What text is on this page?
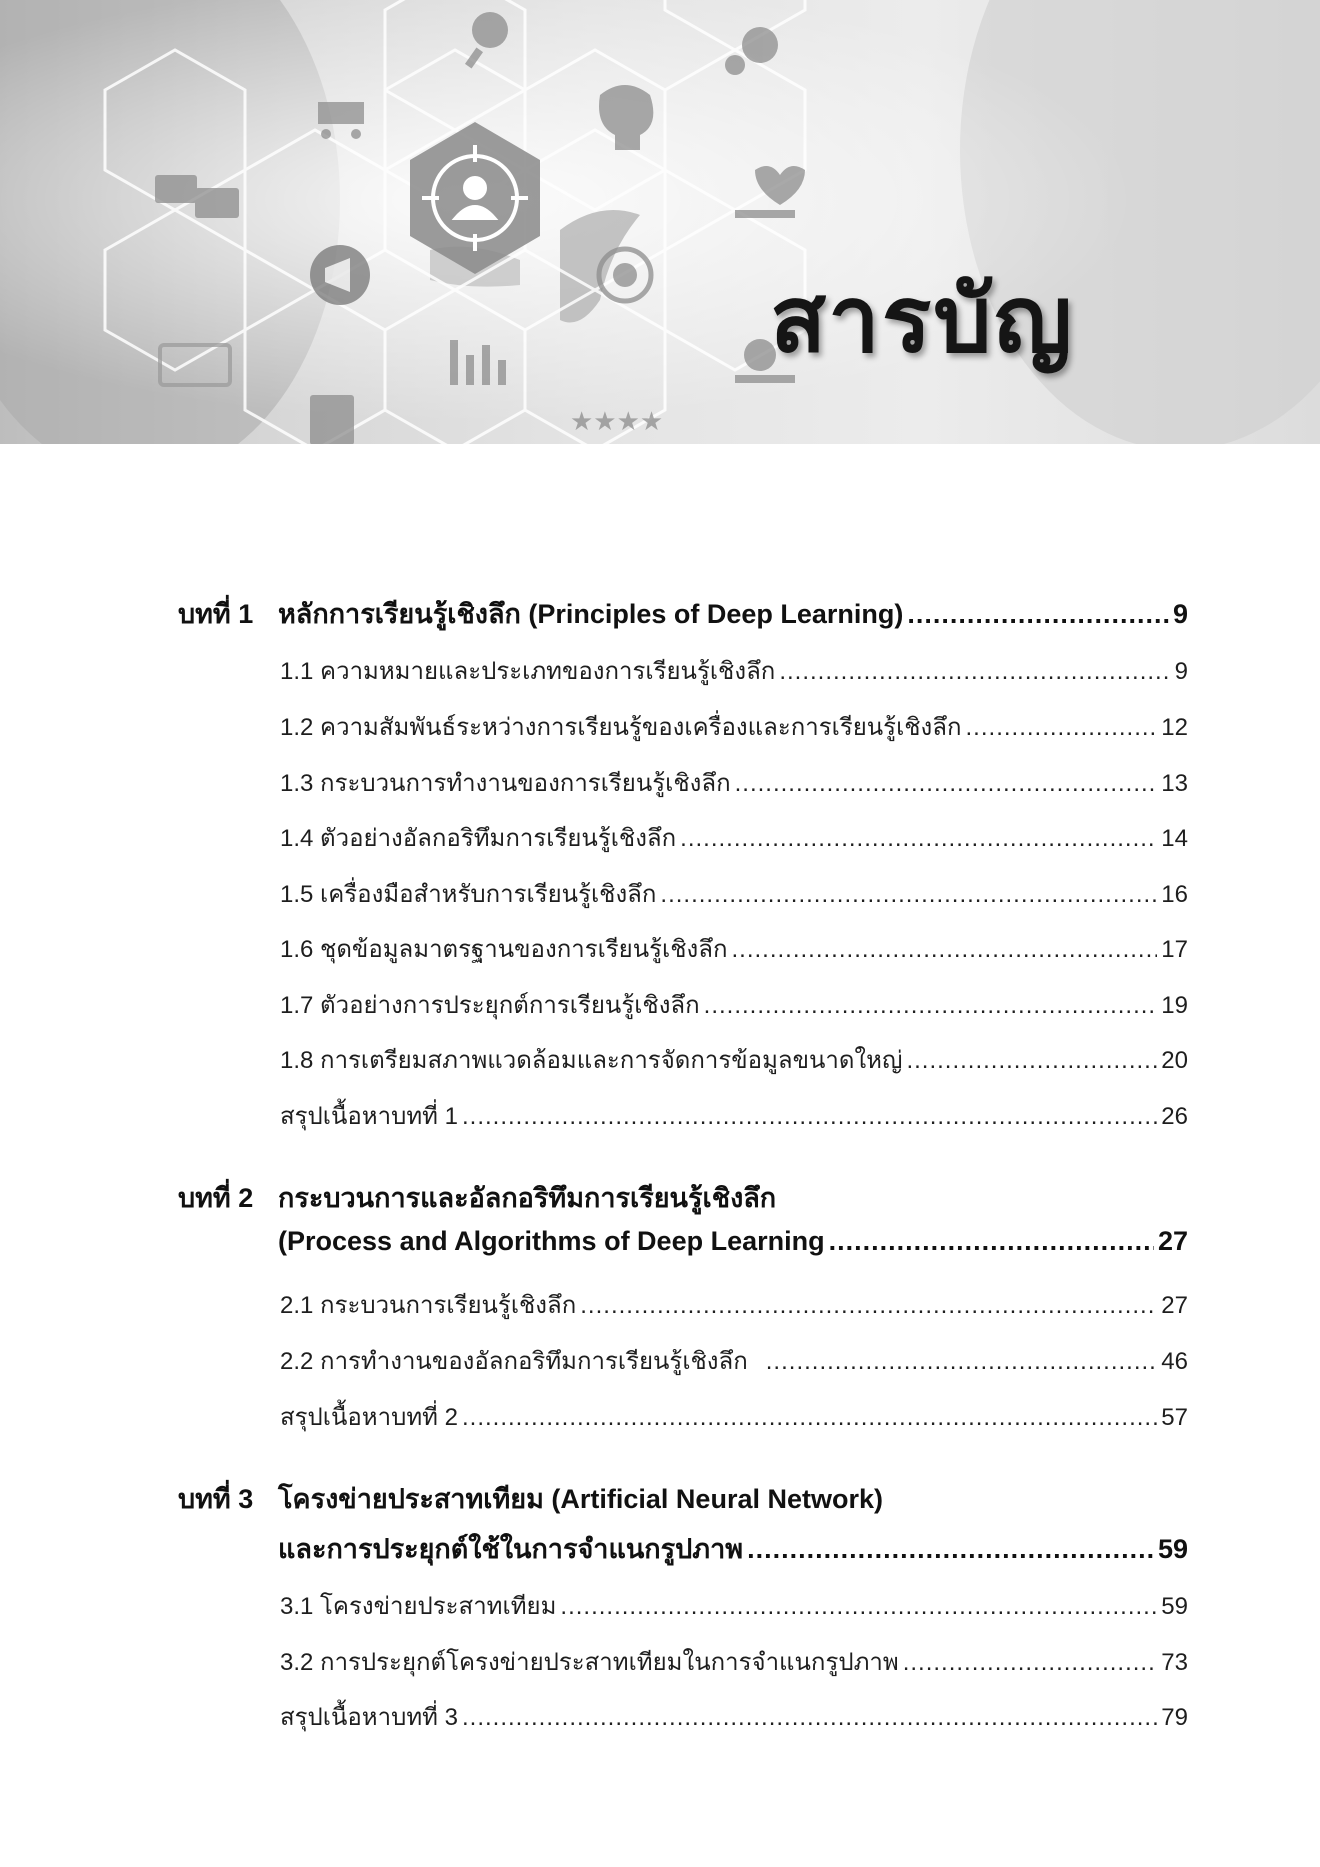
★★★★
สารบัญ
บทที่ 1 หลักการเรียนรู้เชิงลึก (Principles of Deep Learning) .....	9
1.1 ความหมายและประเภทของการเรียนรู้เชิงลึก .....	9
1.2 ความสัมพันธ์ระหว่างการเรียนรู้ของเครื่องและการเรียนรู้เชิงลึก .....	12
1.3 กระบวนการทำงานของการเรียนรู้เชิงลึก .....	13
1.4 ตัวอย่างอัลกอริทึมการเรียนรู้เชิงลึก .....	14
1.5 เครื่องมือสำหรับการเรียนรู้เชิงลึก .....	16
1.6 ชุดข้อมูลมาตรฐานของการเรียนรู้เชิงลึก .....	17
1.7 ตัวอย่างการประยุกต์การเรียนรู้เชิงลึก .....	19
1.8 การเตรียมสภาพแวดล้อมและการจัดการข้อมูลขนาดใหญ่ .....	20
สรุปเนื้อหาบทที่ 1 .....	26
บทที่ 2 กระบวนการและอัลกอริทึมการเรียนรู้เชิงลึก
(Process and Algorithms of Deep Learning .....	27
2.1 กระบวนการเรียนรู้เชิงลึก .....	27
2.2 การทำงานของอัลกอริทึมการเรียนรู้เชิงลึก .....	46
สรุปเนื้อหาบทที่ 2 .....	57
บทที่ 3 โครงข่ายประสาทเทียม (Artificial Neural Network)
และการประยุกต์ใช้ในการจำแนกรูปภาพ .....	59
3.1 โครงข่ายประสาทเทียม .....	59
3.2 การประยุกต์โครงข่ายประสาทเทียมในการจำแนกรูปภาพ .....	73
สรุปเนื้อหาบทที่ 3 .....	79
